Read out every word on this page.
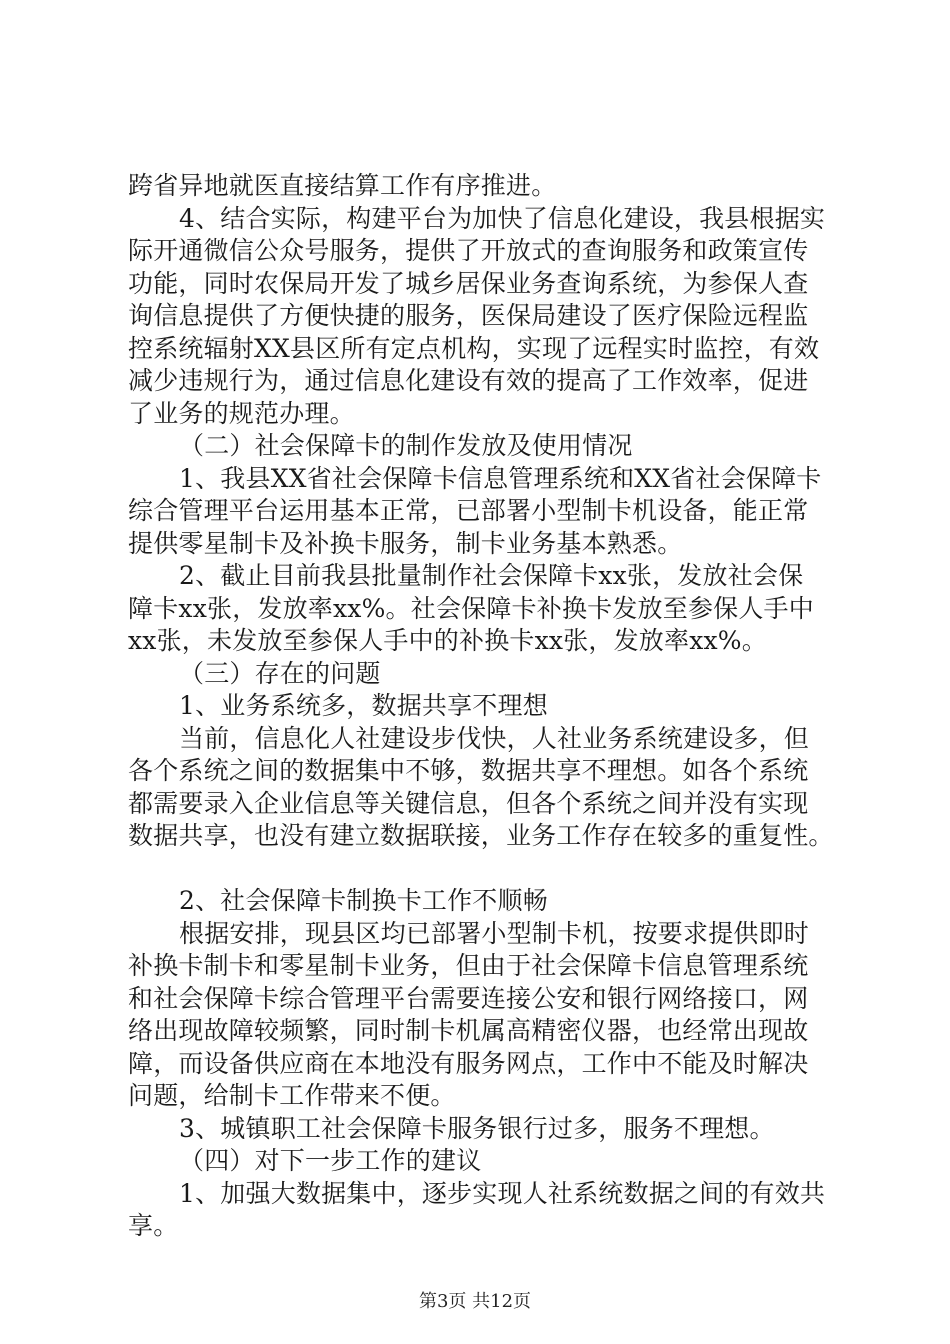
跨省异地就医直接结算工作有序推进。
4、结合实际，构建平台为加快了信息化建设，我县根据实
际开通微信公众号服务，提供了开放式的查询服务和政策宣传
功能，同时农保局开发了城乡居保业务查询系统，为参保人查
询信息提供了方便快捷的服务，医保局建设了医疗保险远程监
控系统辐射XX县区所有定点机构，实现了远程实时监控，有效
减少违规行为，通过信息化建设有效的提高了工作效率，促进
了业务的规范办理。
（二）社会保障卡的制作发放及使用情况
1、我县XX省社会保障卡信息管理系统和XX省社会保障卡
综合管理平台运用基本正常，已部署小型制卡机设备，能正常
提供零星制卡及补换卡服务，制卡业务基本熟悉。
2、截止目前我县批量制作社会保障卡xx张，发放社会保
障卡xx张，发放率xx%。社会保障卡补换卡发放至参保人手中
xx张，未发放至参保人手中的补换卡xx张，发放率xx%。
（三）存在的问题
1、业务系统多，数据共享不理想
当前，信息化人社建设步伐快，人社业务系统建设多，但
各个系统之间的数据集中不够，数据共享不理想。如各个系统
都需要录入企业信息等关键信息，但各个系统之间并没有实现
数据共享，也没有建立数据联接，业务工作存在较多的重复性。
2、社会保障卡制换卡工作不顺畅
根据安排，现县区均已部署小型制卡机，按要求提供即时
补换卡制卡和零星制卡业务，但由于社会保障卡信息管理系统
和社会保障卡综合管理平台需要连接公安和银行网络接口，网
络出现故障较频繁，同时制卡机属高精密仪器，也经常出现故
障，而设备供应商在本地没有服务网点，工作中不能及时解决
问题，给制卡工作带来不便。
3、城镇职工社会保障卡服务银行过多，服务不理想。
（四）对下一步工作的建议
1、加强大数据集中，逐步实现人社系统数据之间的有效共
享。
第3页 共12页
